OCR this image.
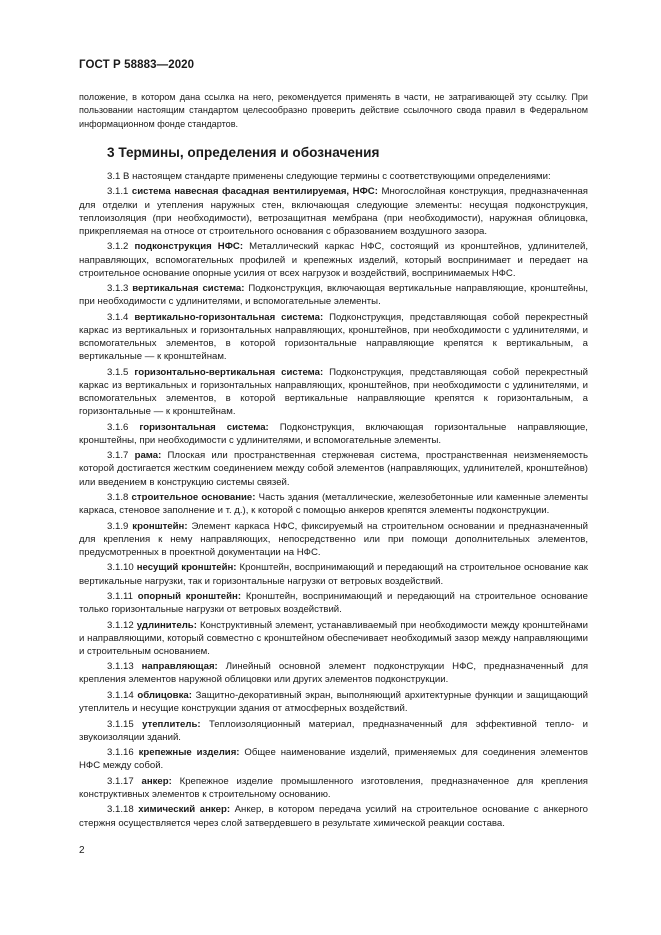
ГОСТ Р 58883—2020
положение, в котором дана ссылка на него, рекомендуется применять в части, не затрагивающей эту ссылку. При пользовании настоящим стандартом целесообразно проверить действие ссылочного свода правил в Федеральном информационном фонде стандартов.
3 Термины, определения и обозначения

3.1 В настоящем стандарте применены следующие термины с соответствующими определениями:

3.1.1 система навесная фасадная вентилируемая, НФС: Многослойная конструкция, предназначенная для отделки и утепления наружных стен, включающая следующие элементы: несущая подконструкция, теплоизоляция (при необходимости), ветрозащитная мембрана (при необходимости), наружная облицовка, прикрепляемая на относе от строительного основания с образованием воздушного зазора.

3.1.2 подконструкция НФС: Металлический каркас НФС, состоящий из кронштейнов, удлинителей, направляющих, вспомогательных профилей и крепежных изделий, который воспринимает и передает на строительное основание опорные усилия от всех нагрузок и воздействий, воспринимаемых НФС.

3.1.3 вертикальная система: Подконструкция, включающая вертикальные направляющие, кронштейны, при необходимости с удлинителями, и вспомогательные элементы.

3.1.4 вертикально-горизонтальная система: Подконструкция, представляющая собой перекрестный каркас из вертикальных и горизонтальных направляющих, кронштейнов, при необходимости с удлинителями, и вспомогательных элементов, в которой горизонтальные направляющие крепятся к вертикальным, а вертикальные — к кронштейнам.

3.1.5 горизонтально-вертикальная система: Подконструкция, представляющая собой перекрестный каркас из вертикальных и горизонтальных направляющих, кронштейнов, при необходимости с удлинителями, и вспомогательных элементов, в которой вертикальные направляющие крепятся к горизонтальным, а горизонтальные — к кронштейнам.

3.1.6 горизонтальная система: Подконструкция, включающая горизонтальные направляющие, кронштейны, при необходимости с удлинителями, и вспомогательные элементы.

3.1.7 рама: Плоская или пространственная стержневая система, пространственная неизменяемость которой достигается жестким соединением между собой элементов (направляющих, удлинителей, кронштейнов) или введением в конструкцию системы связей.

3.1.8 строительное основание: Часть здания (металлические, железобетонные или каменные элементы каркаса, стеновое заполнение и т. д.), к которой с помощью анкеров крепятся элементы подконструкции.

3.1.9 кронштейн: Элемент каркаса НФС, фиксируемый на строительном основании и предназначенный для крепления к нему направляющих, непосредственно или при помощи дополнительных элементов, предусмотренных в проектной документации на НФС.

3.1.10 несущий кронштейн: Кронштейн, воспринимающий и передающий на строительное основание как вертикальные нагрузки, так и горизонтальные нагрузки от ветровых воздействий.

3.1.11 опорный кронштейн: Кронштейн, воспринимающий и передающий на строительное основание только горизонтальные нагрузки от ветровых воздействий.

3.1.12 удлинитель: Конструктивный элемент, устанавливаемый при необходимости между кронштейнами и направляющими, который совместно с кронштейном обеспечивает необходимый зазор между направляющими и строительным основанием.

3.1.13 направляющая: Линейный основной элемент подконструкции НФС, предназначенный для крепления элементов наружной облицовки или других элементов подконструкции.

3.1.14 облицовка: Защитно-декоративный экран, выполняющий архитектурные функции и защищающий утеплитель и несущие конструкции здания от атмосферных воздействий.

3.1.15 утеплитель: Теплоизоляционный материал, предназначенный для эффективной тепло- и звукоизоляции зданий.

3.1.16 крепежные изделия: Общее наименование изделий, применяемых для соединения элементов НФС между собой.

3.1.17 анкер: Крепежное изделие промышленного изготовления, предназначенное для крепления конструктивных элементов к строительному основанию.

3.1.18 химический анкер: Анкер, в котором передача усилий на строительное основание с анкерного стержня осуществляется через слой затвердевшего в результате химической реакции состава.

2
